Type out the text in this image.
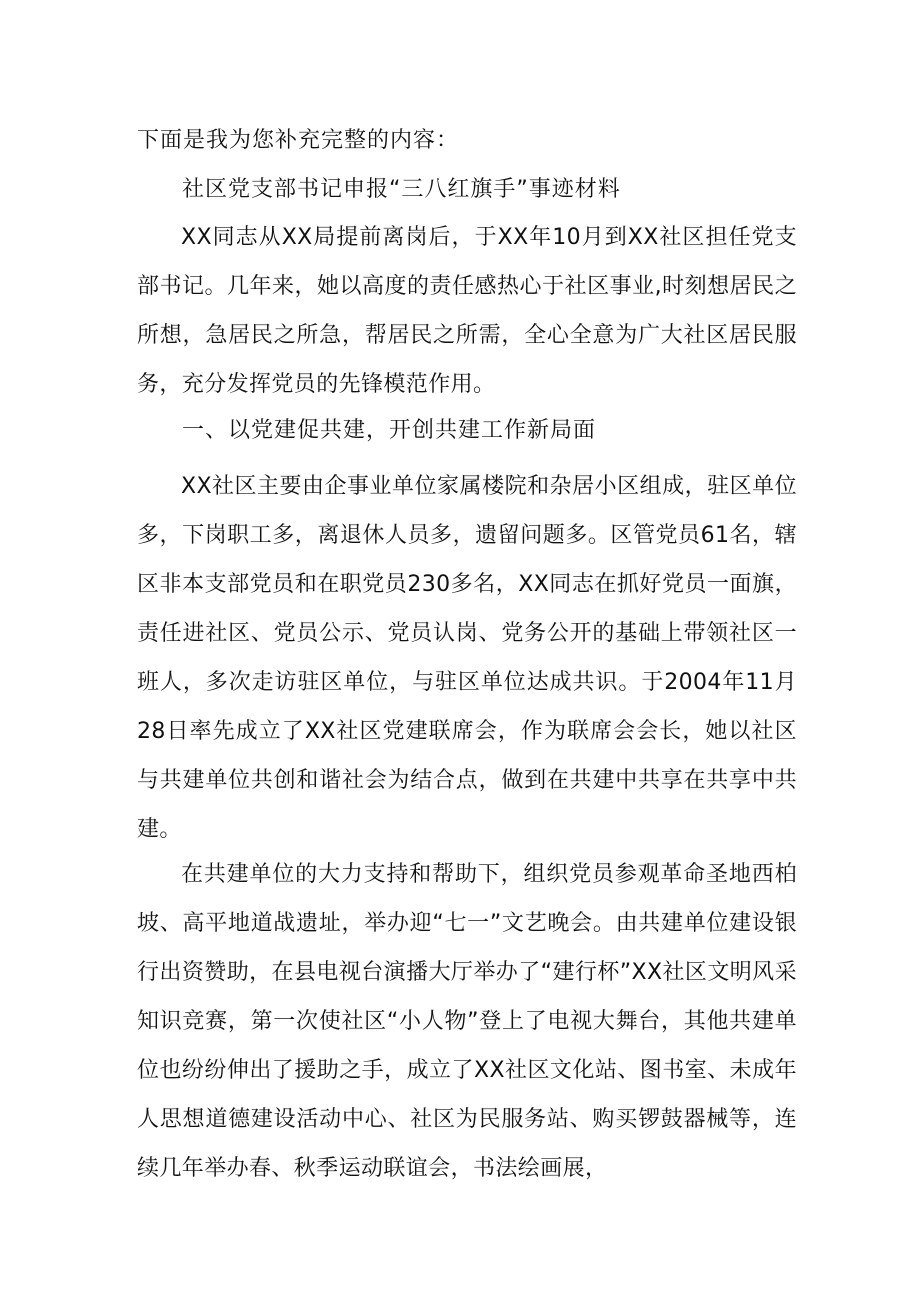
下面是我为您补充完整的内容：

社区党支部书记申报“三八红旗手”事迹材料

XX同志从XX局提前离岗后，于XX年10月到XX社区担任党支部书记。几年来，她以高度的责任感热心于社区事业,时刻想居民之所想，急居民之所急，帮居民之所需，全心全意为广大社区居民服务，充分发挥党员的先锋模范作用。

一、以党建促共建，开创共建工作新局面

XX社区主要由企事业单位家属楼院和杂居小区组成，驻区单位多，下岗职工多，离退休人员多，遗留问题多。区管党员61名，辖区非本支部党员和在职党员230多名，XX同志在抓好党员一面旗，责任进社区、党员公示、党员认岗、党务公开的基础上带领社区一班人，多次走访驻区单位，与驻区单位达成共识。于2004年11月28日率先成立了XX社区党建联席会，作为联席会会长，她以社区与共建单位共创和谐社会为结合点，做到在共建中共享在共享中共建。

在共建单位的大力支持和帮助下，组织党员参观革命圣地西柏坡、高平地道战遗址，举办迎“七一”文艺晚会。由共建单位建设银行出资赞助，在县电视台演播大厅举办了“建行杯”XX社区文明风采知识竞赛，第一次使社区“小人物”登上了电视大舞台，其他共建单位也纷纷伸出了援助之手，成立了XX社区文化站、图书室、未成年人思想道德建设活动中心、社区为民服务站、购买锣鼓器械等，连续几年举办春、秋季运动联谊会，书法绘画展，
